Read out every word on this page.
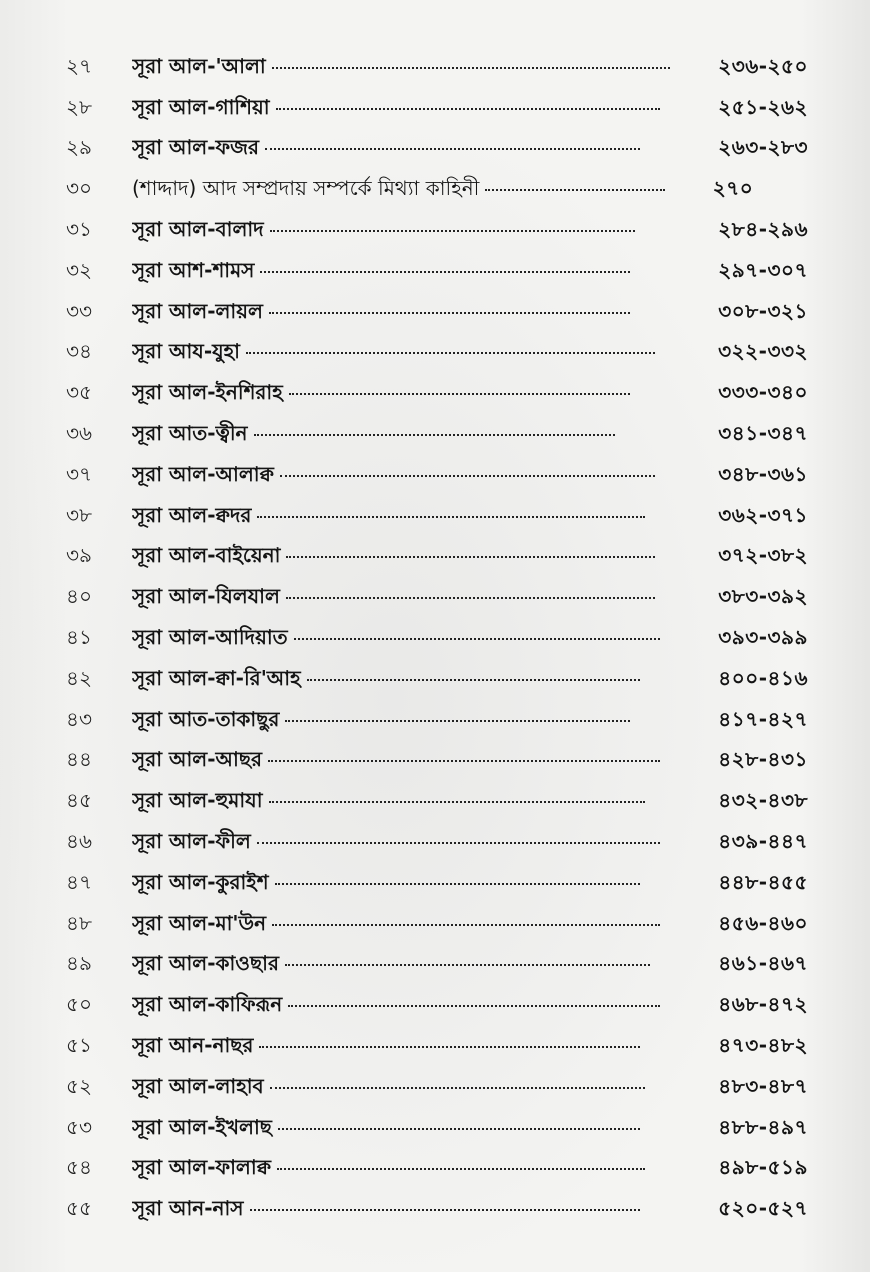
২৭	সূরা আল-'আলা	২৩৬-২৫০
২৮	সূরা আল-গাশিয়া	২৫১-২৬২
২৯	সূরা আল-ফজর	২৬৩-২৮৩
৩০	(শাদ্দাদ) আদ সম্প্রদায় সম্পর্কে মিথ্যা কাহিনী	২৭০
৩১	সূরা আল-বালাদ	২৮৪-২৯৬
৩২	সূরা আশ-শামস	২৯৭-৩০৭
৩৩	সূরা আল-লায়ল	৩০৮-৩২১
৩৪	সূরা আয-যুহা	৩২২-৩৩২
৩৫	সূরা আল-ইনশিরাহ	৩৩৩-৩৪০
৩৬	সূরা আত-ত্বীন	৩৪১-৩৪৭
৩৭	সূরা আল-আলাক্ব	৩৪৮-৩৬১
৩৮	সূরা আল-ক্বদর	৩৬২-৩৭১
৩৯	সূরা আল-বাইয়েনা	৩৭২-৩৮২
৪০	সূরা আল-যিলযাল	৩৮৩-৩৯২
৪১	সূরা আল-আদিয়াত	৩৯৩-৩৯৯
৪২	সূরা আল-ক্বা-রি'আহ	৪০০-৪১৬
৪৩	সূরা আত-তাকাছুর	৪১৭-৪২৭
৪৪	সূরা আল-আছর	৪২৮-৪৩১
৪৫	সূরা আল-হুমাযা	৪৩২-৪৩৮
৪৬	সূরা আল-ফীল	৪৩৯-৪৪৭
৪৭	সূরা আল-কুরাইশ	৪৪৮-৪৫৫
৪৮	সূরা আল-মা'উন	৪৫৬-৪৬০
৪৯	সূরা আল-কাওছার	৪৬১-৪৬৭
৫০	সূরা আল-কাফিরূন	৪৬৮-৪৭২
৫১	সূরা আন-নাছর	৪৭৩-৪৮২
৫২	সূরা আল-লাহাব	৪৮৩-৪৮৭
৫৩	সূরা আল-ইখলাছ	৪৮৮-৪৯৭
৫৪	সূরা আল-ফালাক্ব	৪৯৮-৫১৯
৫৫	সূরা আন-নাস	৫২০-৫২৭
